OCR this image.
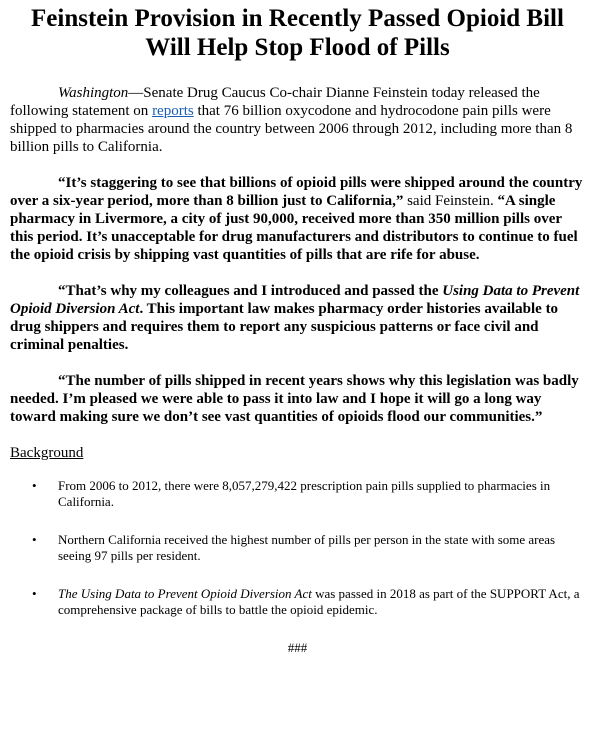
Feinstein Provision in Recently Passed Opioid Bill Will Help Stop Flood of Pills

Washington—Senate Drug Caucus Co-chair Dianne Feinstein today released the following statement on reports that 76 billion oxycodone and hydrocodone pain pills were shipped to pharmacies around the country between 2006 through 2012, including more than 8 billion pills to California.

“It’s staggering to see that billions of opioid pills were shipped around the country over a six-year period, more than 8 billion just to California,” said Feinstein. “A single pharmacy in Livermore, a city of just 90,000, received more than 350 million pills over this period. It’s unacceptable for drug manufacturers and distributors to continue to fuel the opioid crisis by shipping vast quantities of pills that are rife for abuse.

“That’s why my colleagues and I introduced and passed the Using Data to Prevent Opioid Diversion Act. This important law makes pharmacy order histories available to drug shippers and requires them to report any suspicious patterns or face civil and criminal penalties.

“The number of pills shipped in recent years shows why this legislation was badly needed. I’m pleased we were able to pass it into law and I hope it will go a long way toward making sure we don’t see vast quantities of opioids flood our communities.”

Background
• From 2006 to 2012, there were 8,057,279,422 prescription pain pills supplied to pharmacies in California.
• Northern California received the highest number of pills per person in the state with some areas seeing 97 pills per resident.
• The Using Data to Prevent Opioid Diversion Act was passed in 2018 as part of the SUPPORT Act, a comprehensive package of bills to battle the opioid epidemic.
###
